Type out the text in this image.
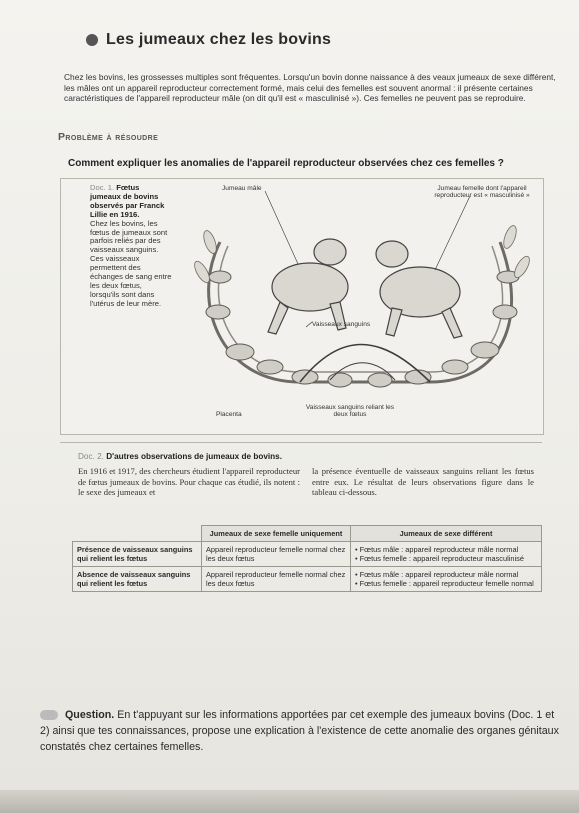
Les jumeaux chez les bovins
Chez les bovins, les grossesses multiples sont fréquentes. Lorsqu'un bovin donne naissance à des veaux jumeaux de sexe différent, les mâles ont un appareil reproducteur correctement formé, mais celui des femelles est souvent anormal : il présente certaines caractéristiques de l'appareil reproducteur mâle (on dit qu'il est « masculinisé »). Ces femelles ne peuvent pas se reproduire.
Problème à résoudre
Comment expliquer les anomalies de l'appareil reproducteur observées chez ces femelles ?
Doc. 1. Fœtus jumeaux de bovins observés par Franck Lillie en 1916.
Chez les bovins, les fœtus de jumeaux sont parfois reliés par des vaisseaux sanguins. Ces vaisseaux permettent des échanges de sang entre les deux fœtus, lorsqu'ils sont dans l'utérus de leur mère.
Jumeau mâle	Jumeau femelle dont l'appareil reproducteur est « masculinisé »
Vaisseaux sanguins
Placenta
Vaisseaux sanguins reliant les deux fœtus
Doc. 2. D'autres observations de jumeaux de bovins.
En 1916 et 1917, des chercheurs étudient l'appareil reproducteur de fœtus jumeaux de bovins. Pour chaque cas étudié, ils notent : le sexe des jumeaux et
la présence éventuelle de vaisseaux sanguins reliant les fœtus entre eux. Le résultat de leurs observations figure dans le tableau ci-dessous.
	Jumeaux de sexe femelle uniquement	Jumeaux de sexe différent
Présence de vaisseaux sanguins qui relient les fœtus	Appareil reproducteur femelle normal chez les deux fœtus	• Fœtus mâle : appareil reproducteur mâle normal
• Fœtus femelle : appareil reproducteur masculinisé

Absence de vaisseaux sanguins qui relient les fœtus	Appareil reproducteur femelle normal chez les deux fœtus	• Fœtus mâle : appareil reproducteur mâle normal
• Fœtus femelle : appareil reproducteur femelle normal
Question. En t'appuyant sur les informations apportées par cet exemple des jumeaux bovins (Doc. 1 et 2) ainsi que tes connaissances, propose une explication à l'existence de cette anomalie des organes génitaux constatés chez certaines femelles.
